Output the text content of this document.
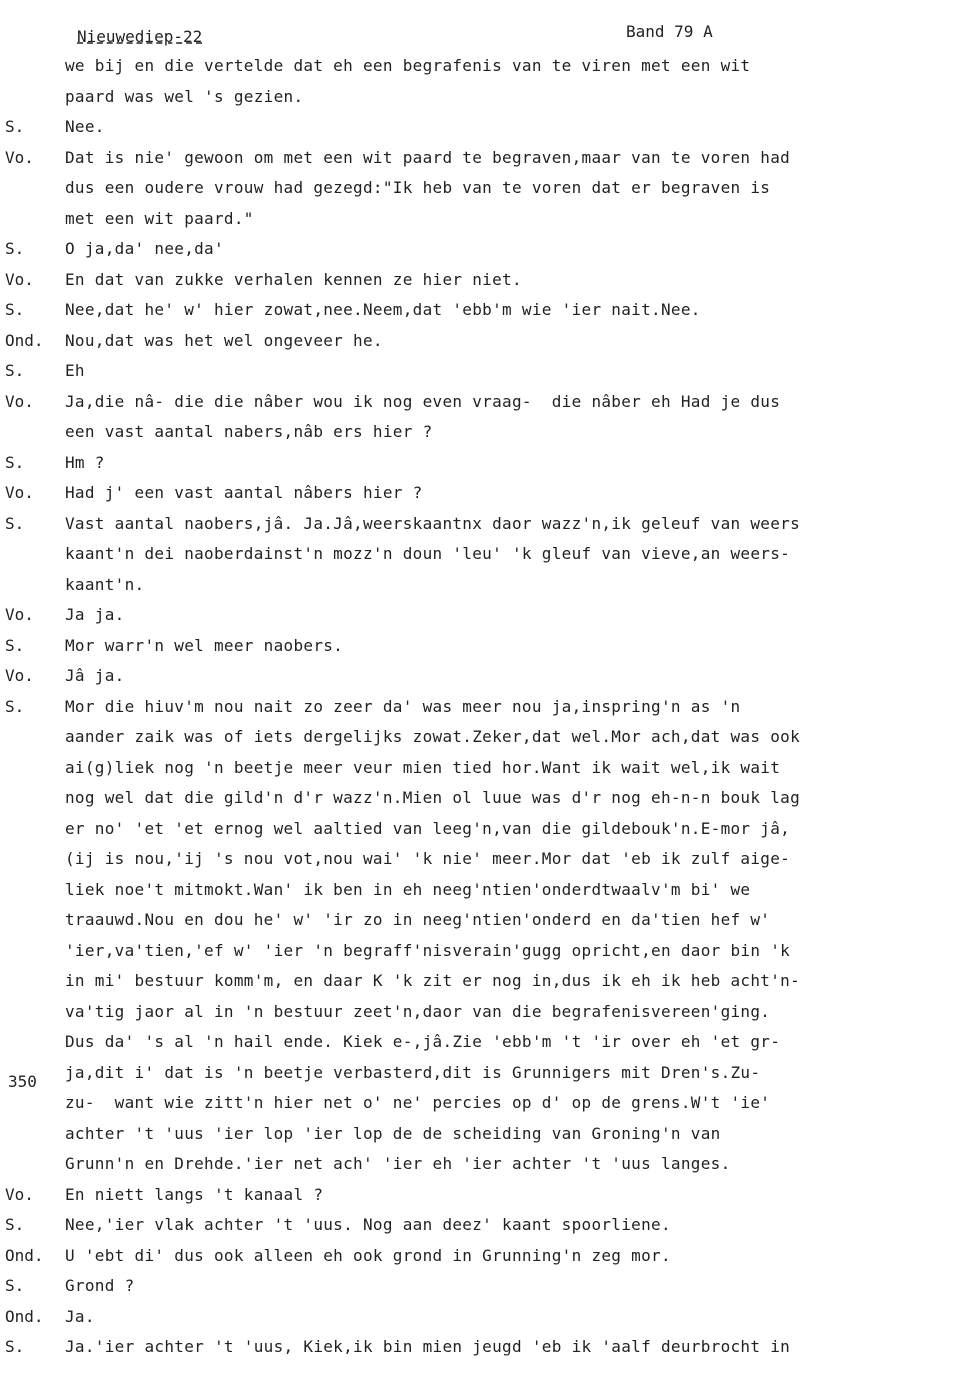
Nieuwediep-22	Band 79 A
350
we bij en die vertelde dat eh een begrafenis van te viren met een wit
paard was wel 's gezien.
S.	Nee.
Vo.	Dat is nie' gewoon om met een wit paard te begraven,maar van te voren had
dus een oudere vrouw had gezegd:"Ik heb van te voren dat er begraven is
met een wit paard."
S.	O ja,da' nee,da'
Vo.	En dat van zukke verhalen kennen ze hier niet.
S.	Nee,dat he' w' hier zowat,nee.Neem,dat 'ebb'm wie 'ier nait.Nee.
Ond.	Nou,dat was het wel ongeveer he.
S.	Eh
Vo.	Ja,die nâ- die die nâber wou ik nog even vraag-  die nâber eh Had je dus
een vast aantal nabers,nâb ers hier ?
S.	Hm ?
Vo.	Had j' een vast aantal nâbers hier ?
S.	Vast aantal naobers,jâ. Ja.Jâ,weerskaantnx daor wazz'n,ik geleuf van weers
kaant'n dei naoberdainst'n mozz'n doun 'leu' 'k gleuf van vieve,an weers-
kaant'n.
Vo.	Ja ja.
S.	Mor warr'n wel meer naobers.
Vo.	Jâ ja.
S.	Mor die hiuv'm nou nait zo zeer da' was meer nou ja,inspring'n as 'n
aander zaik was of iets dergelijks zowat.Zeker,dat wel.Mor ach,dat was ook
ai(g)liek nog 'n beetje meer veur mien tied hor.Want ik wait wel,ik wait
nog wel dat die gild'n d'r wazz'n.Mien ol luue was d'r nog eh-n-n bouk lag
er no' 'et 'et ernog wel aaltied van leeg'n,van die gildebouk'n.E-mor jâ,
(ij is nou,'ij 's nou vot,nou wai' 'k nie' meer.Mor dat 'eb ik zulf aige-
liek noe't mitmokt.Wan' ik ben in eh neeg'ntien'onderdtwaalv'm bi' we
traauwd.Nou en dou he' w' 'ir zo in neeg'ntien'onderd en da'tien hef w'
'ier,va'tien,'ef w' 'ier 'n begraff'nisverain'gugg opricht,en daor bin 'k
in mi' bestuur komm'm, en daar K 'k zit er nog in,dus ik eh ik heb acht'n-
va'tig jaor al in 'n bestuur zeet'n,daor van die begrafenisvereen'ging.
Dus da' 's al 'n hail ende. Kiek e-,jâ.Zie 'ebb'm 't 'ir over eh 'et gr-
ja,dit i' dat is 'n beetje verbasterd,dit is Grunnigers mit Dren's.Zu-
zu-  want wie zitt'n hier net o' ne' percies op d' op de grens.W't 'ie'
achter 't 'uus 'ier lop 'ier lop de de scheiding van Groning'n van
Grunn'n en Drehde.'ier net ach' 'ier eh 'ier achter 't 'uus langes.
Vo.	En niett langs 't kanaal ?
S.	Nee,'ier vlak achter 't 'uus. Nog aan deez' kaant spoorliene.
Ond.	U 'ebt di' dus ook alleen eh ook grond in Grunning'n zeg mor.
S.	Grond ?
Ond.	Ja.
S.	Ja.'ier achter 't 'uus, Kiek,ik bin mien jeugd 'eb ik 'aalf deurbrocht in
